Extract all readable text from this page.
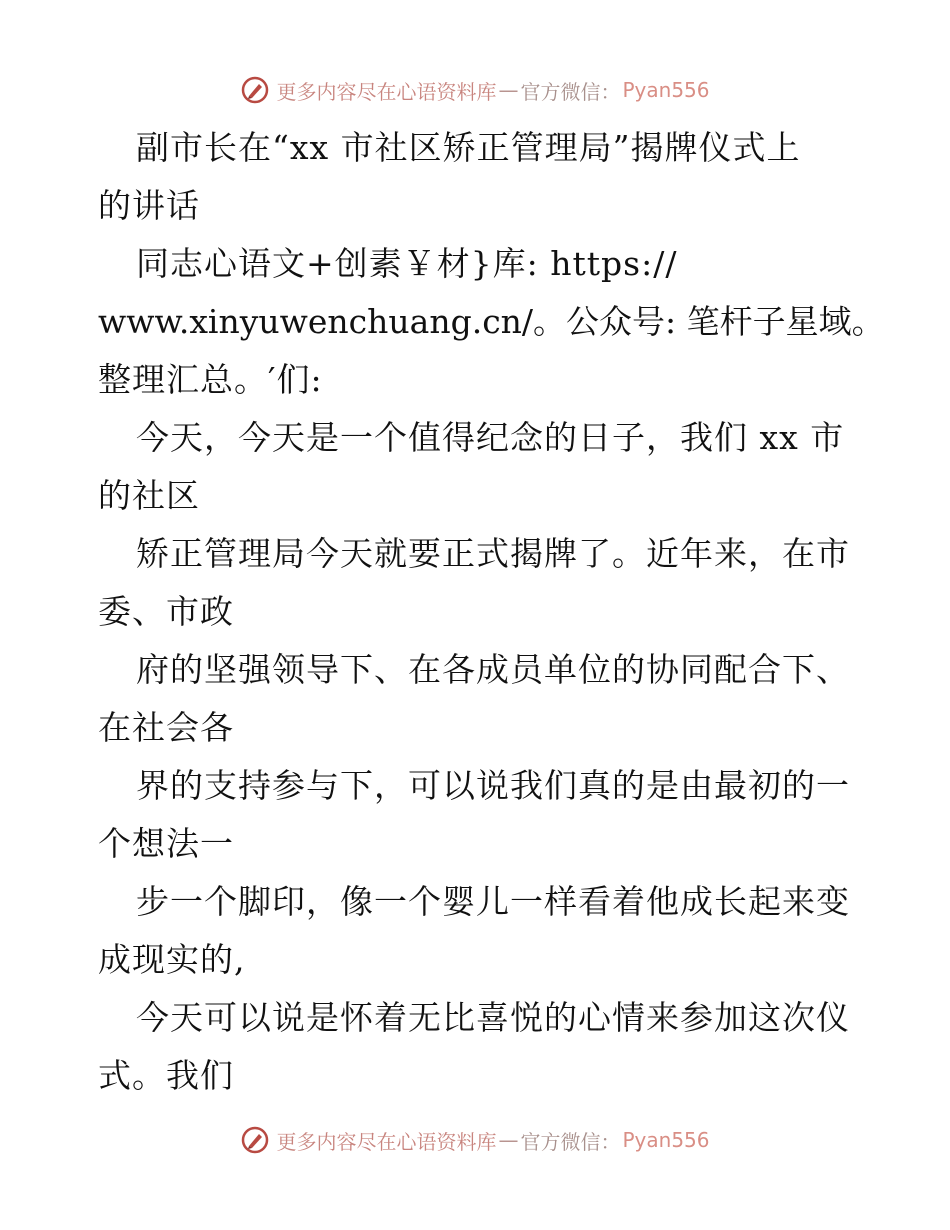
更多内容尽在心语资料库 — 官方微信： Pyan556
副市长在“xx 市社区矫正管理局”揭牌仪式上
的讲话
同志心语文+创素￥材}库: https://
www.xinyuwenchuang.cn/。公众号: 笔杆子星域。
整理汇总。′们:
今天，今天是一个值得纪念的日子，我们 xx 市
的社区
矫正管理局今天就要正式揭牌了。近年来，在市
委、市政
府的坚强领导下、在各成员单位的协同配合下、
在社会各
界的支持参与下，可以说我们真的是由最初的一
个想法一
步一个脚印，像一个婴儿一样看着他成长起来变
成现实的,
今天可以说是怀着无比喜悦的心情来参加这次仪
式。我们
更多内容尽在心语资料库 — 官方微信： Pyan556
